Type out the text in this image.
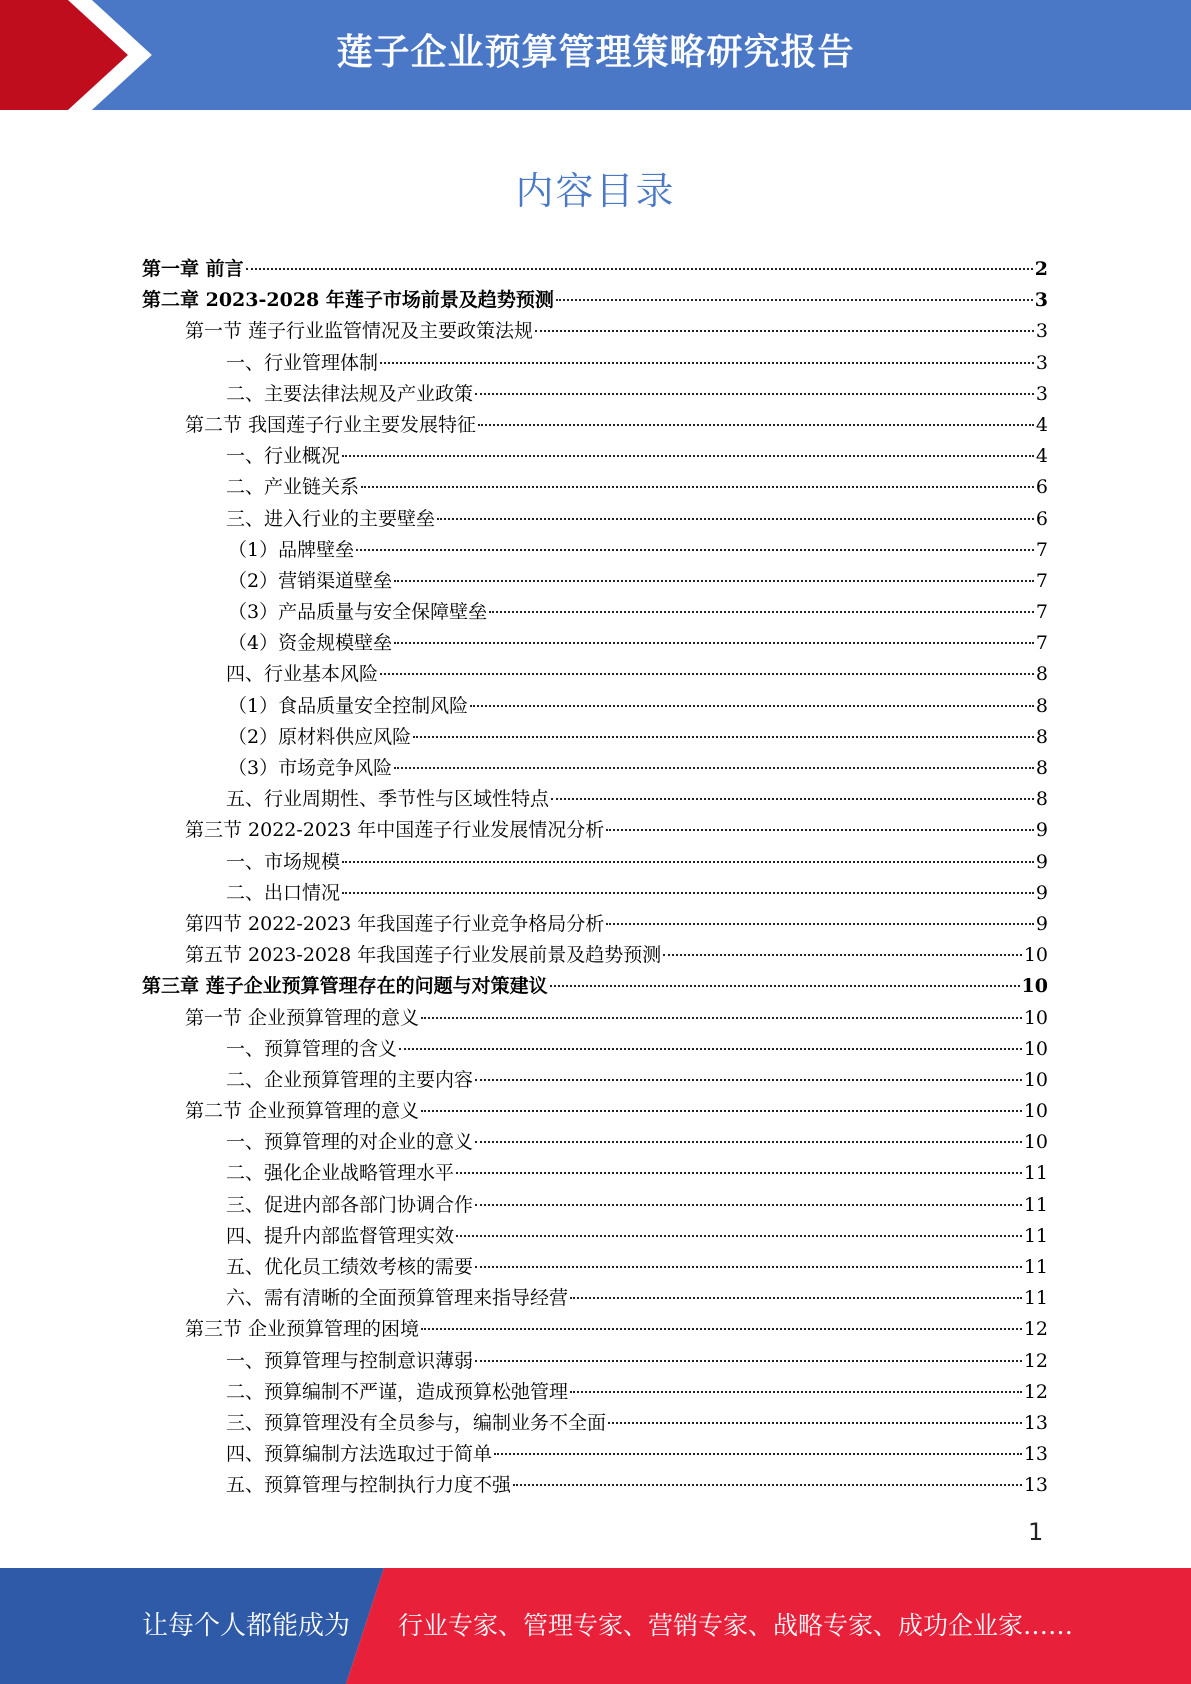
莲子企业预算管理策略研究报告
内容目录
第一章 前言	2
第二章 2023-2028 年莲子市场前景及趋势预测	3
第一节 莲子行业监管情况及主要政策法规	3
一、行业管理体制	3
二、主要法律法规及产业政策	3
第二节 我国莲子行业主要发展特征	4
一、行业概况	4
二、产业链关系	6
三、进入行业的主要壁垒	6
（1）品牌壁垒	7
（2）营销渠道壁垒	7
（3）产品质量与安全保障壁垒	7
（4）资金规模壁垒	7
四、行业基本风险	8
（1）食品质量安全控制风险	8
（2）原材料供应风险	8
（3）市场竞争风险	8
五、行业周期性、季节性与区域性特点	8
第三节 2022-2023 年中国莲子行业发展情况分析	9
一、市场规模	9
二、出口情况	9
第四节 2022-2023 年我国莲子行业竞争格局分析	9
第五节 2023-2028 年我国莲子行业发展前景及趋势预测	10
第三章 莲子企业预算管理存在的问题与对策建议	10
第一节 企业预算管理的意义	10
一、预算管理的含义	10
二、企业预算管理的主要内容	10
第二节 企业预算管理的意义	10
一、预算管理的对企业的意义	10
二、强化企业战略管理水平	11
三、促进内部各部门协调合作	11
四、提升内部监督管理实效	11
五、优化员工绩效考核的需要	11
六、需有清晰的全面预算管理来指导经营	11
第三节 企业预算管理的困境	12
一、预算管理与控制意识薄弱	12
二、预算编制不严谨，造成预算松弛管理	12
三、预算管理没有全员参与，编制业务不全面	13
四、预算编制方法选取过于简单	13
五、预算管理与控制执行力度不强	13
1
让每个人都能成为 行业专家、管理专家、营销专家、战略专家、成功企业家……
